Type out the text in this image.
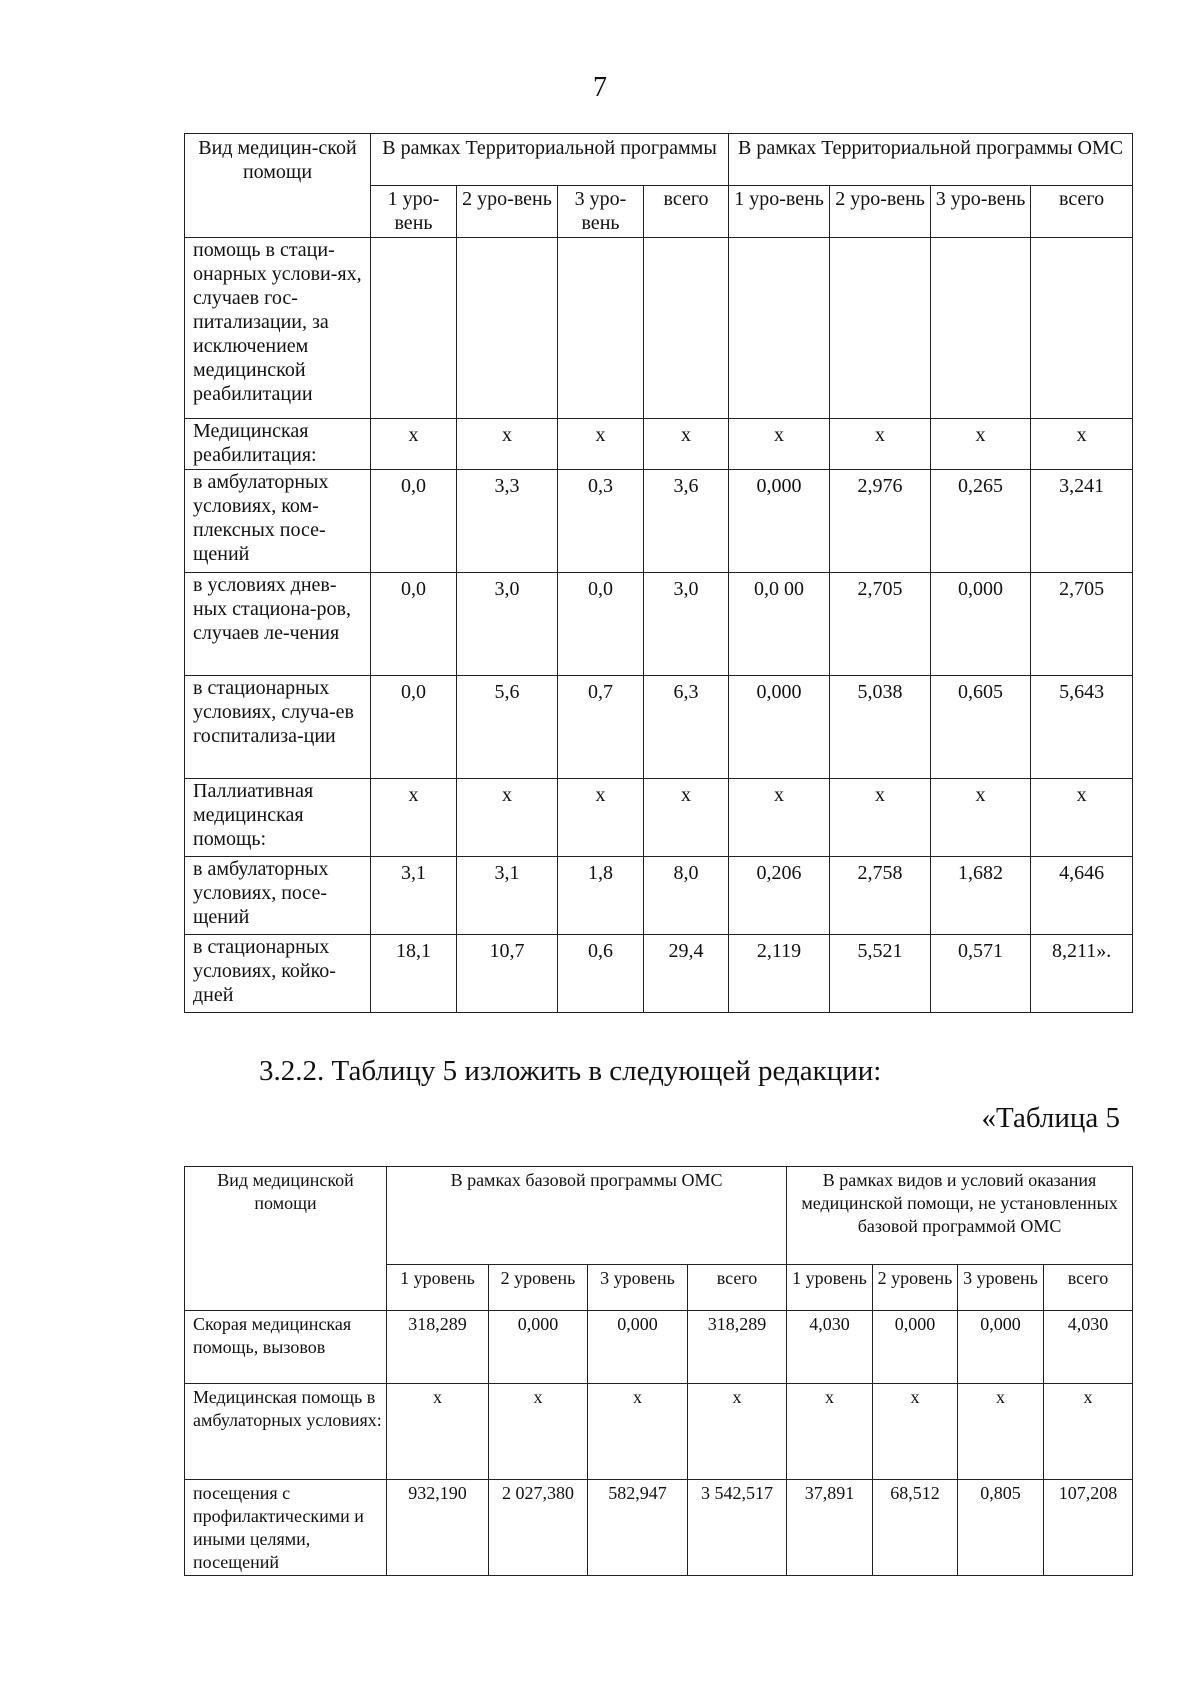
7
Вид медицин-ской помощи	В рамках Территориальной программы				В рамках Территориальной программы ОМС			
	1 уро-вень	2 уро-вень	3 уро-вень	всего	1 уро-вень	2 уро-вень	3 уро-вень	всего
помощь в стаци-онарных услови-ях, случаев гос-питализации, за исключением медицинской реабилитации								
Медицинская реабилитация:	х	х	х	х	х	х	х	х
в амбулаторных условиях, ком-плексных посе-щений	0,0	3,3	0,3	3,6	0,000	2,976	0,265	3,241
в условиях днев-ных стациона-ров, случаев ле-чения	0,0	3,0	0,0	3,0	0,0 00	2,705	0,000	2,705
в стационарных условиях, случа-ев госпитализа-ции	0,0	5,6	0,7	6,3	0,000	5,038	0,605	5,643
Паллиативная медицинская помощь:	х	х	х	х	х	х	х	х
в амбулаторных условиях, посе-щений	3,1	3,1	1,8	8,0	0,206	2,758	1,682	4,646
в стационарных условиях, койко-дней	18,1	10,7	0,6	29,4	2,119	5,521	0,571	8,211».
3.2.2. Таблицу 5 изложить в следующей редакции:
«Таблица 5
Вид медицинской помощи	В рамках базовой программы ОМС				В рамках видов и условий оказания медицинской помощи, не установленных базовой программой ОМС			
	1 уровень	2 уровень	3 уровень	всего	1 уровень	2 уровень	3 уровень	всего
Скорая медицинская помощь, вызовов	318,289	0,000	0,000	318,289	4,030	0,000	0,000	4,030
Медицинская помощь в амбулаторных условиях:	х	х	х	х	х	х	х	х
посещения с профилактическими и иными целями, посещений	932,190	2 027,380	582,947	3 542,517	37,891	68,512	0,805	107,208
